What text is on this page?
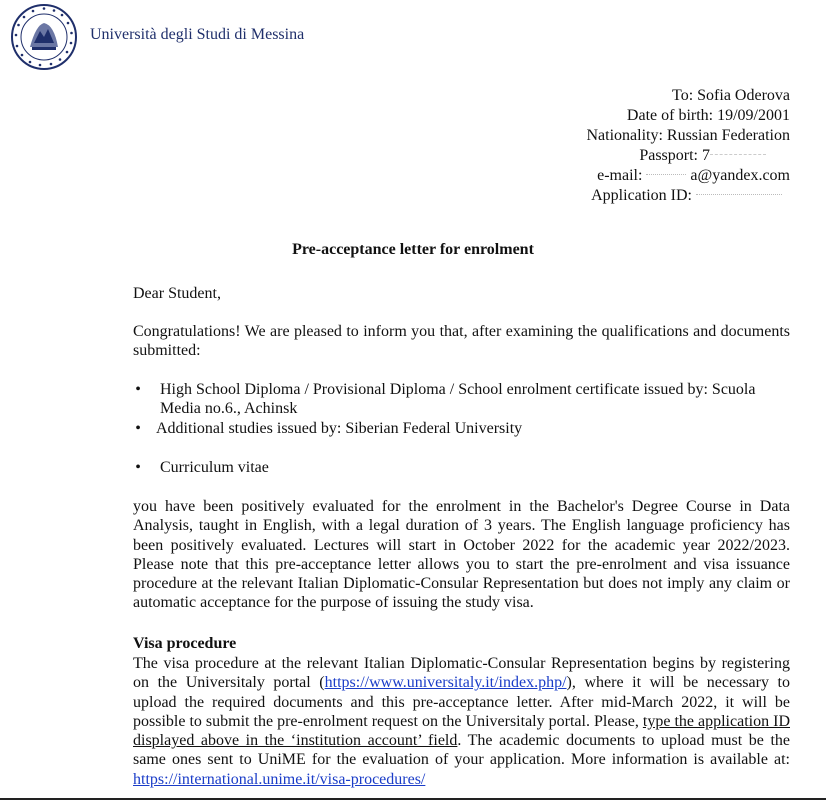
Università degli Studi di Messina
To: Sofia Oderova
Date of birth: 19/09/2001
Nationality: Russian Federation
Passport: 7
e-mail:	a@yandex.com
Application ID:
Pre-acceptance letter for enrolment
Dear Student,
Congratulations! We are pleased to inform you that, after examining the qualifications and documents submitted:
• High School Diploma / Provisional Diploma / School enrolment certificate issued by: Scuola Media no.6., Achinsk
• Additional studies issued by: Siberian Federal University
• Curriculum vitae
you have been positively evaluated for the enrolment in the Bachelor's Degree Course in Data Analysis, taught in English, with a legal duration of 3 years. The English language proficiency has been positively evaluated. Lectures will start in October 2022 for the academic year 2022/2023. Please note that this pre-acceptance letter allows you to start the pre-enrolment and visa issuance procedure at the relevant Italian Diplomatic-Consular Representation but does not imply any claim or automatic acceptance for the purpose of issuing the study visa.
Visa procedure
The visa procedure at the relevant Italian Diplomatic-Consular Representation begins by registering on the Universitaly portal (https://www.universitaly.it/index.php/), where it will be necessary to upload the required documents and this pre-acceptance letter. After mid-March 2022, it will be possible to submit the pre-enrolment request on the Universitaly portal. Please, type the application ID displayed above in the ‘institution account’ field. The academic documents to upload must be the same ones sent to UniME for the evaluation of your application. More information is available at: https://international.unime.it/visa-procedures/
